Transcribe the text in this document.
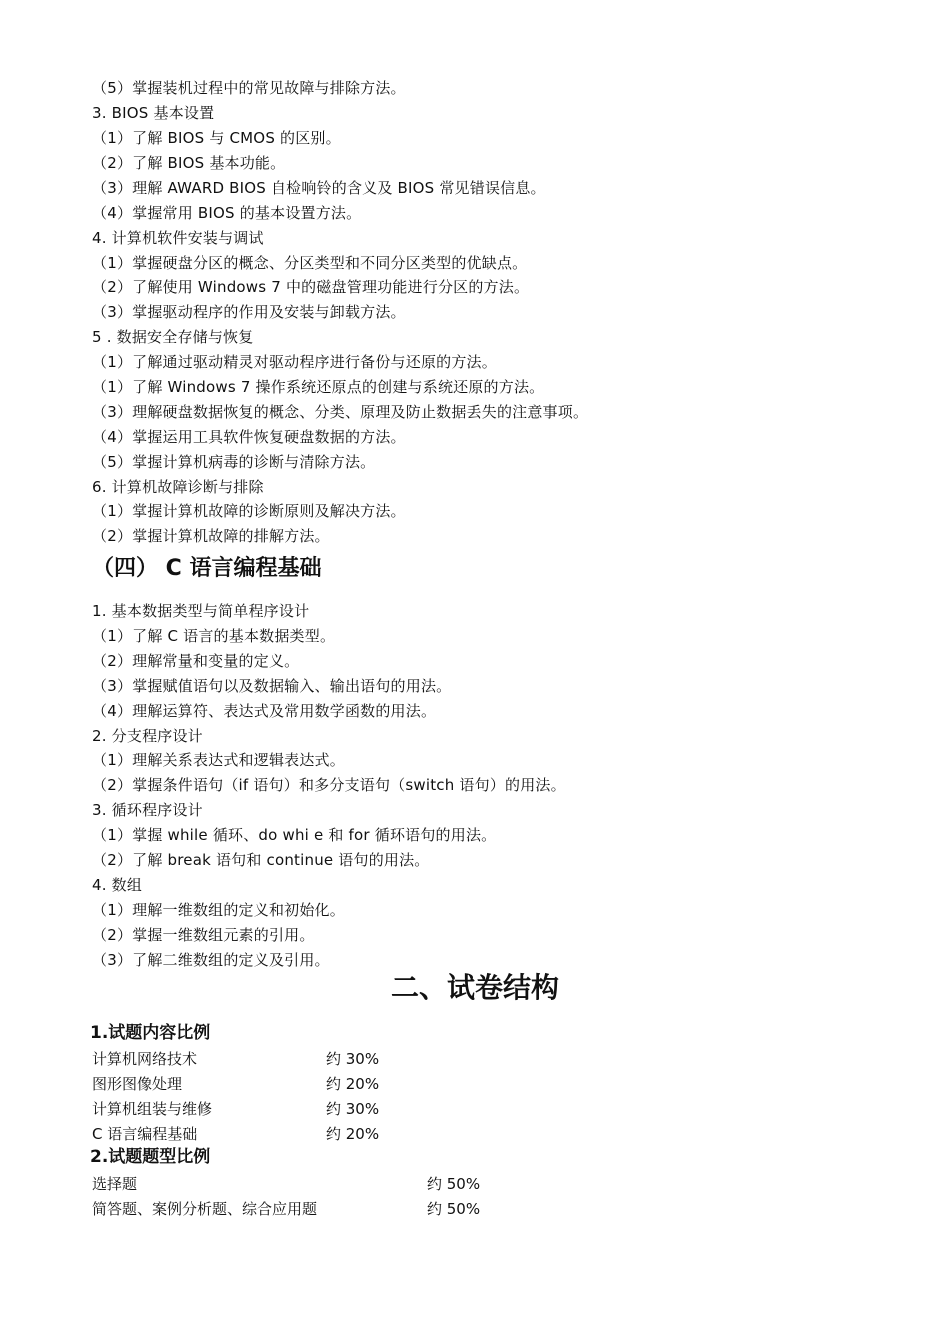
（5）掌握装机过程中的常见故障与排除方法。
3. BIOS 基本设置
（1）了解 BIOS 与 CMOS 的区别。
（2）了解 BIOS 基本功能。
（3）理解 AWARD BIOS 自检响铃的含义及 BIOS 常见错误信息。
（4）掌握常用 BIOS 的基本设置方法。
4. 计算机软件安装与调试
（1）掌握硬盘分区的概念、分区类型和不同分区类型的优缺点。
（2）了解使用 Windows 7 中的磁盘管理功能进行分区的方法。
（3）掌握驱动程序的作用及安装与卸载方法。
5 . 数据安全存储与恢复
（1）了解通过驱动精灵对驱动程序进行备份与还原的方法。
（1）了解 Windows 7 操作系统还原点的创建与系统还原的方法。
（3）理解硬盘数据恢复的概念、分类、原理及防止数据丢失的注意事项。
（4）掌握运用工具软件恢复硬盘数据的方法。
（5）掌握计算机病毒的诊断与清除方法。
6. 计算机故障诊断与排除
（1）掌握计算机故障的诊断原则及解决方法。
（2）掌握计算机故障的排解方法。
（四） C 语言编程基础
1. 基本数据类型与简单程序设计
（1）了解 C 语言的基本数据类型。
（2）理解常量和变量的定义。
（3）掌握赋值语句以及数据输入、输出语句的用法。
（4）理解运算符、表达式及常用数学函数的用法。
2. 分支程序设计
（1）理解关系表达式和逻辑表达式。
（2）掌握条件语句（if 语句）和多分支语句（switch 语句）的用法。
3. 循环程序设计
（1）掌握 while 循环、do whi e 和 for 循环语句的用法。
（2）了解 break 语句和 continue 语句的用法。
4. 数组
（1）理解一维数组的定义和初始化。
（2）掌握一维数组元素的引用。
（3）了解二维数组的定义及引用。
二、试卷结构
1.试题内容比例
计算机网络技术	约 30%
图形图像处理	约 20%
计算机组装与维修	约 30%
C 语言编程基础	约 20%
2.试题题型比例
选择题	约 50%
简答题、案例分析题、综合应用题	约 50%
